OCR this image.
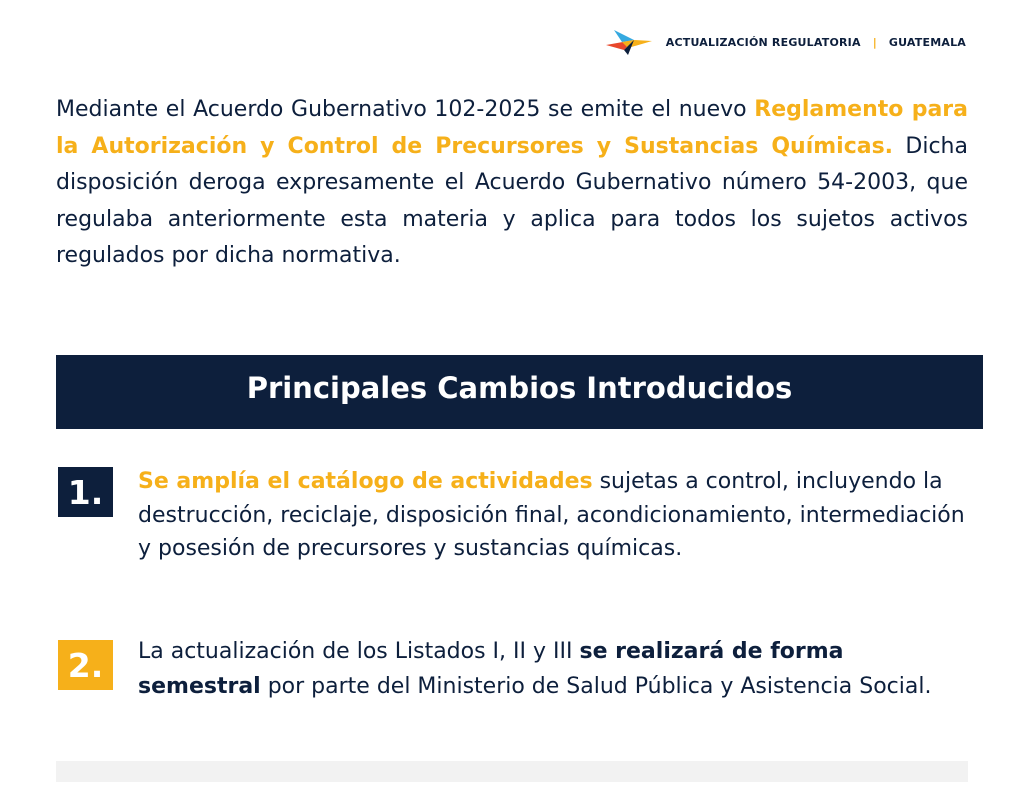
ACTUALIZACIÓN REGULATORIA | GUATEMALA

Mediante el Acuerdo Gubernativo 102-2025 se emite el nuevo Reglamento para la Autorización y Control de Precursores y Sustancias Químicas. Dicha disposición deroga expresamente el Acuerdo Gubernativo número 54-2003, que regulaba anteriormente esta materia y aplica para todos los sujetos activos regulados por dicha normativa.

Principales Cambios Introducidos
1.	Se amplía el catálogo de actividades sujetas a control, incluyendo la destrucción, reciclaje, disposición final, acondicionamiento, intermediación y posesión de precursores y sustancias químicas.

2.	La actualización de los Listados I, II y III se realizará de forma semestral por parte del Ministerio de Salud Pública y Asistencia Social.
